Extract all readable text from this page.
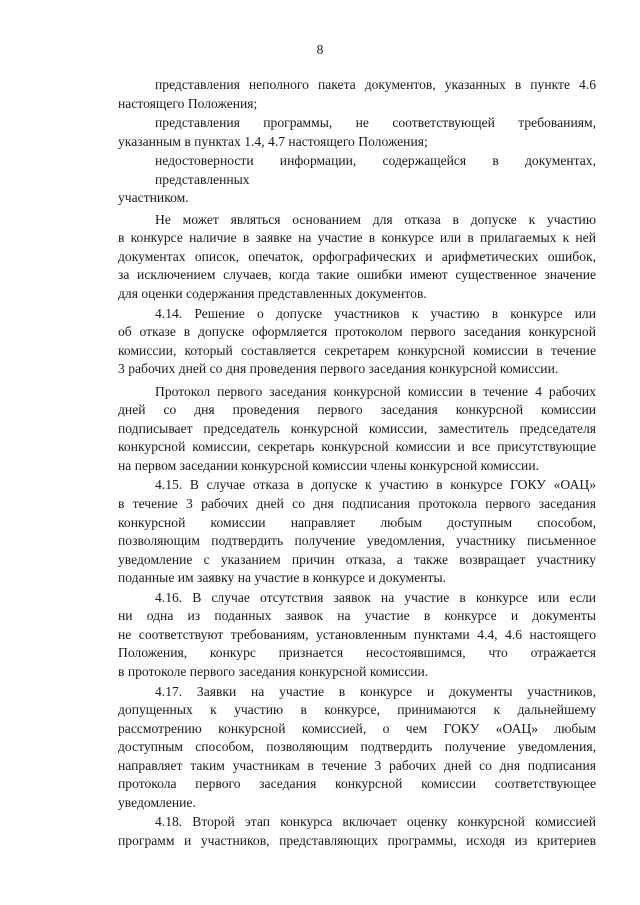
8

представления неполного пакета документов, указанных в пункте 4.6
настоящего Положения;

представления программы, не соответствующей требованиям,
указанным в пунктах 1.4, 4.7 настоящего Положения;

недостоверности информации, содержащейся в документах, представленных
участником.

Не может являться основанием для отказа в допуске к участию
в конкурсе наличие в заявке на участие в конкурсе или в прилагаемых к ней
документах описок, опечаток, орфографических и арифметических ошибок,
за исключением случаев, когда такие ошибки имеют существенное значение
для оценки содержания представленных документов.

4.14. Решение о допуске участников к участию в конкурсе или
об отказе в допуске оформляется протоколом первого заседания конкурсной
комиссии, который составляется секретарем конкурсной комиссии в течение
3 рабочих дней со дня проведения первого заседания конкурсной комиссии.

Протокол первого заседания конкурсной комиссии в течение 4 рабочих
дней со дня проведения первого заседания конкурсной комиссии
подписывает председатель конкурсной комиссии, заместитель председателя
конкурсной комиссии, секретарь конкурсной комиссии и все присутствующие
на первом заседании конкурсной комиссии члены конкурсной комиссии.

4.15. В случае отказа в допуске к участию в конкурсе ГОКУ «ОАЦ»
в течение 3 рабочих дней со дня подписания протокола первого заседания
конкурсной комиссии направляет любым доступным способом,
позволяющим подтвердить получение уведомления, участнику письменное
уведомление с указанием причин отказа, а также возвращает участнику
поданные им заявку на участие в конкурсе и документы.

4.16. В случае отсутствия заявок на участие в конкурсе или если
ни одна из поданных заявок на участие в конкурсе и документы
не соответствуют требованиям, установленным пунктами 4.4, 4.6 настоящего
Положения, конкурс признается несостоявшимся, что отражается
в протоколе первого заседания конкурсной комиссии.

4.17. Заявки на участие в конкурсе и документы участников,
допущенных к участию в конкурсе, принимаются к дальнейшему
рассмотрению конкурсной комиссией, о чем ГОКУ «ОАЦ» любым
доступным способом, позволяющим подтвердить получение уведомления,
направляет таким участникам в течение 3 рабочих дней со дня подписания
протокола первого заседания конкурсной комиссии соответствующее
уведомление.

4.18. Второй этап конкурса включает оценку конкурсной комиссией
программ и участников, представляющих программы, исходя из критериев
